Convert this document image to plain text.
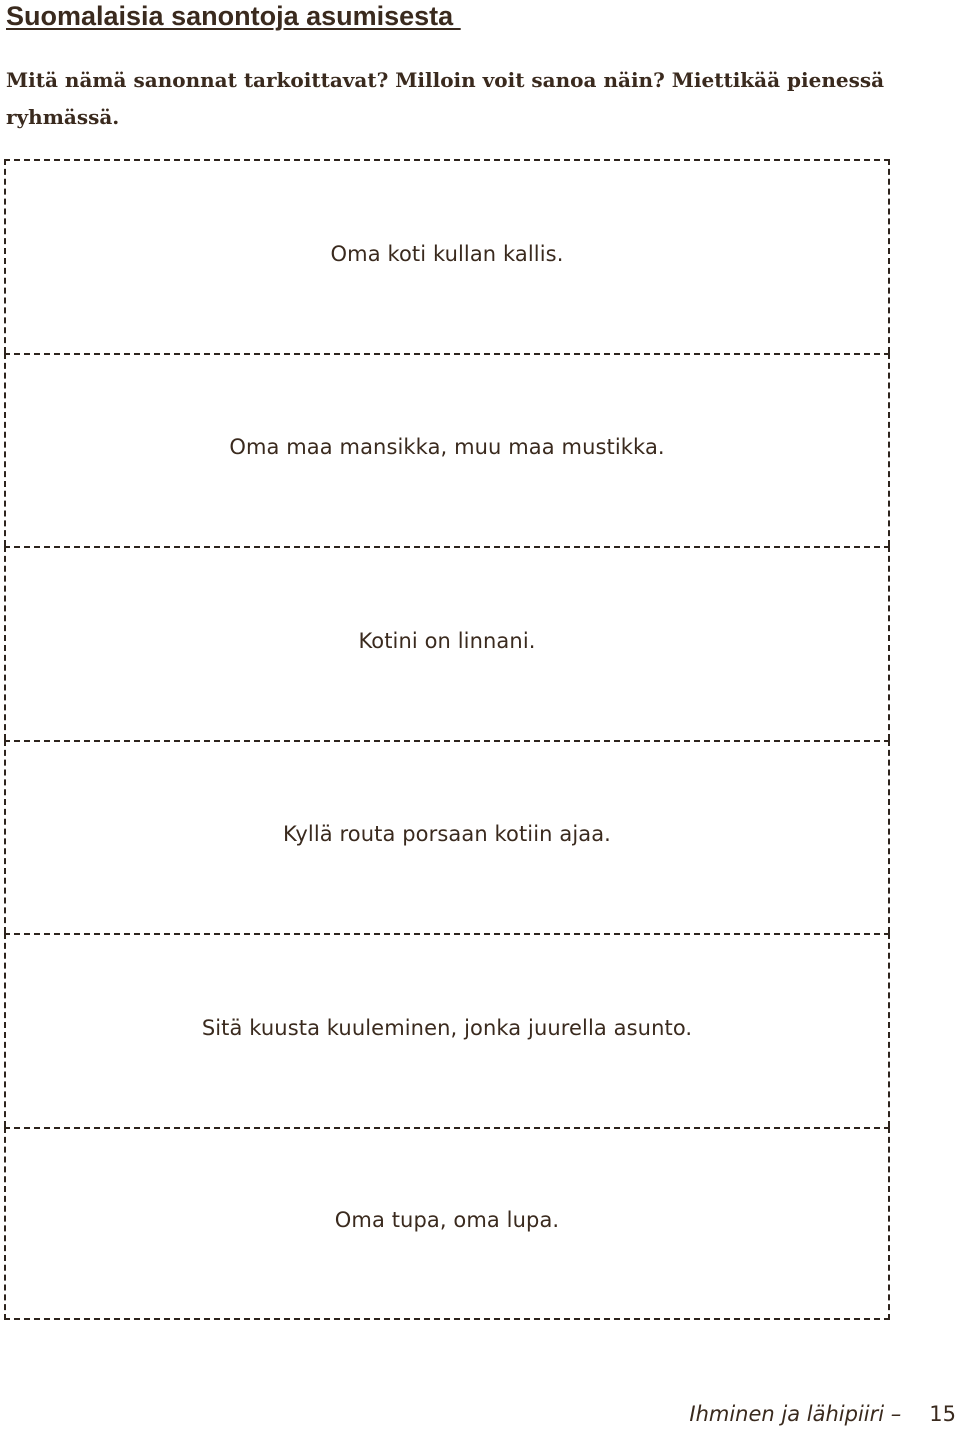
Suomalaisia sanontoja asumisesta

Mitä nämä sanonnat tarkoittavat? Milloin voit sanoa näin? Miettikää pienessä ryhmässä.

Oma koti kullan kallis.
Oma maa mansikka, muu maa mustikka.
Kotini on linnani.
Kyllä routa porsaan kotiin ajaa.
Sitä kuusta kuuleminen, jonka juurella asunto.
Oma tupa, oma lupa.
Ihminen ja lähipiiri – 15
